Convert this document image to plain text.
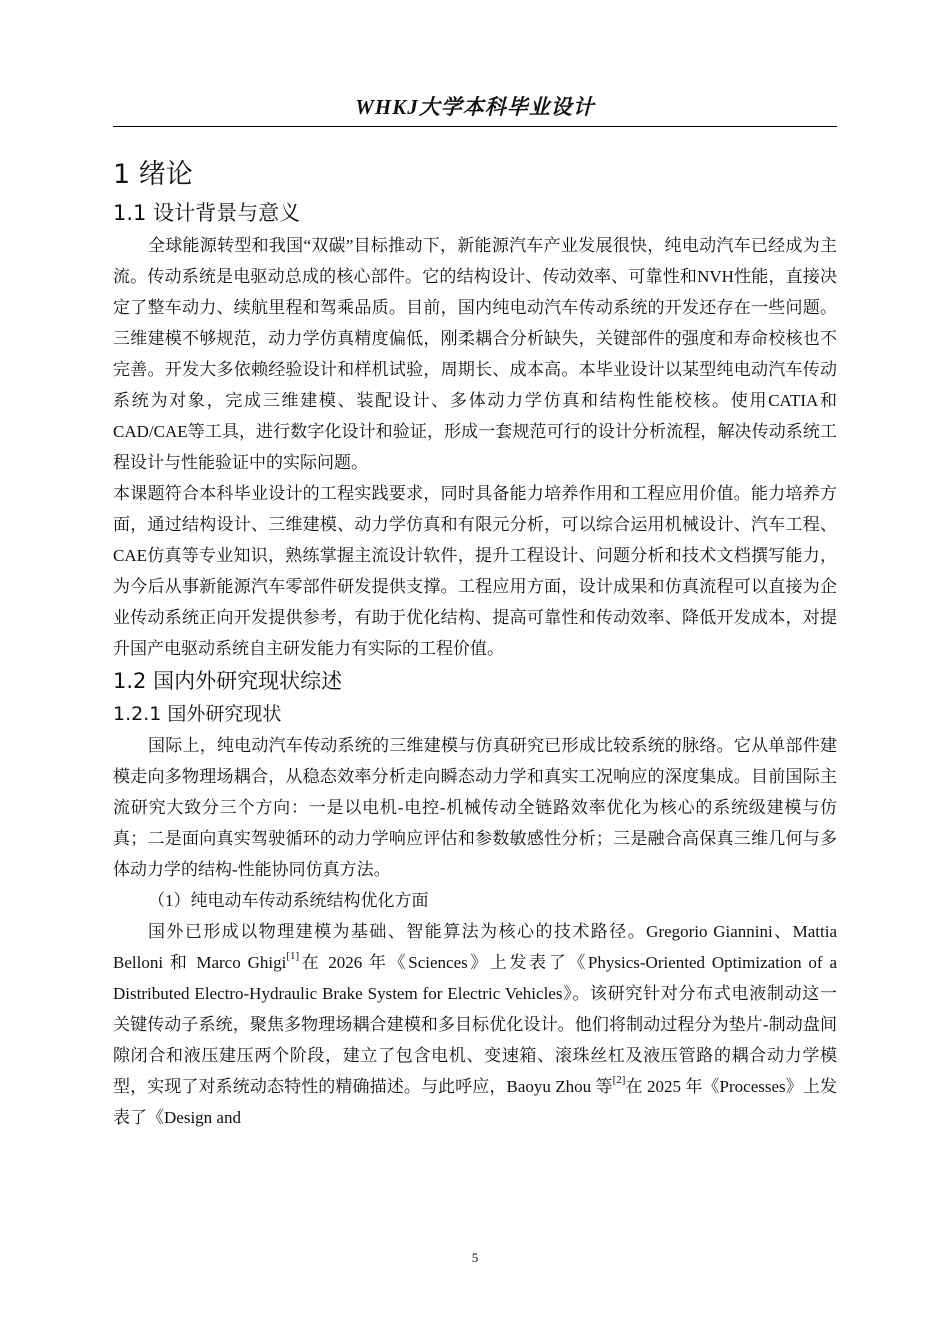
WHKJ大学本科毕业设计
1 绪论
1.1 设计背景与意义

全球能源转型和我国“双碳”目标推动下，新能源汽车产业发展很快，纯电动汽车已经成为主流。传动系统是电驱动总成的核心部件。它的结构设计、传动效率、可靠性和NVH性能，直接决定了整车动力、续航里程和驾乘品质。目前，国内纯电动汽车传动系统的开发还存在一些问题。三维建模不够规范，动力学仿真精度偏低，刚柔耦合分析缺失，关键部件的强度和寿命校核也不完善。开发大多依赖经验设计和样机试验，周期长、成本高。本毕业设计以某型纯电动汽车传动系统为对象，完成三维建模、装配设计、多体动力学仿真和结构性能校核。使用CATIA和CAD/CAE等工具，进行数字化设计和验证，形成一套规范可行的设计分析流程，解决传动系统工程设计与性能验证中的实际问题。

本课题符合本科毕业设计的工程实践要求，同时具备能力培养作用和工程应用价值。能力培养方面，通过结构设计、三维建模、动力学仿真和有限元分析，可以综合运用机械设计、汽车工程、CAE仿真等专业知识，熟练掌握主流设计软件，提升工程设计、问题分析和技术文档撰写能力，为今后从事新能源汽车零部件研发提供支撑。工程应用方面，设计成果和仿真流程可以直接为企业传动系统正向开发提供参考，有助于优化结构、提高可靠性和传动效率、降低开发成本，对提升国产电驱动系统自主研发能力有实际的工程价值。

1.2 国内外研究现状综述
1.2.1 国外研究现状

国际上，纯电动汽车传动系统的三维建模与仿真研究已形成比较系统的脉络。它从单部件建模走向多物理场耦合，从稳态效率分析走向瞬态动力学和真实工况响应的深度集成。目前国际主流研究大致分三个方向：一是以电机-电控-机械传动全链路效率优化为核心的系统级建模与仿真；二是面向真实驾驶循环的动力学响应评估和参数敏感性分析；三是融合高保真三维几何与多体动力学的结构-性能协同仿真方法。

（1）纯电动车传动系统结构优化方面

国外已形成以物理建模为基础、智能算法为核心的技术路径。Gregorio Giannini、Mattia Belloni 和 Marco Ghigi[1]在 2026 年《Sciences》上发表了《Physics-Oriented Optimization of a Distributed Electro-Hydraulic Brake System for Electric Vehicles》。该研究针对分布式电液制动这一关键传动子系统，聚焦多物理场耦合建模和多目标优化设计。他们将制动过程分为垫片-制动盘间隙闭合和液压建压两个阶段，建立了包含电机、变速箱、滚珠丝杠及液压管路的耦合动力学模型，实现了对系统动态特性的精确描述。与此呼应，Baoyu Zhou 等[2]在 2025 年《Processes》上发表了《Design and

5
